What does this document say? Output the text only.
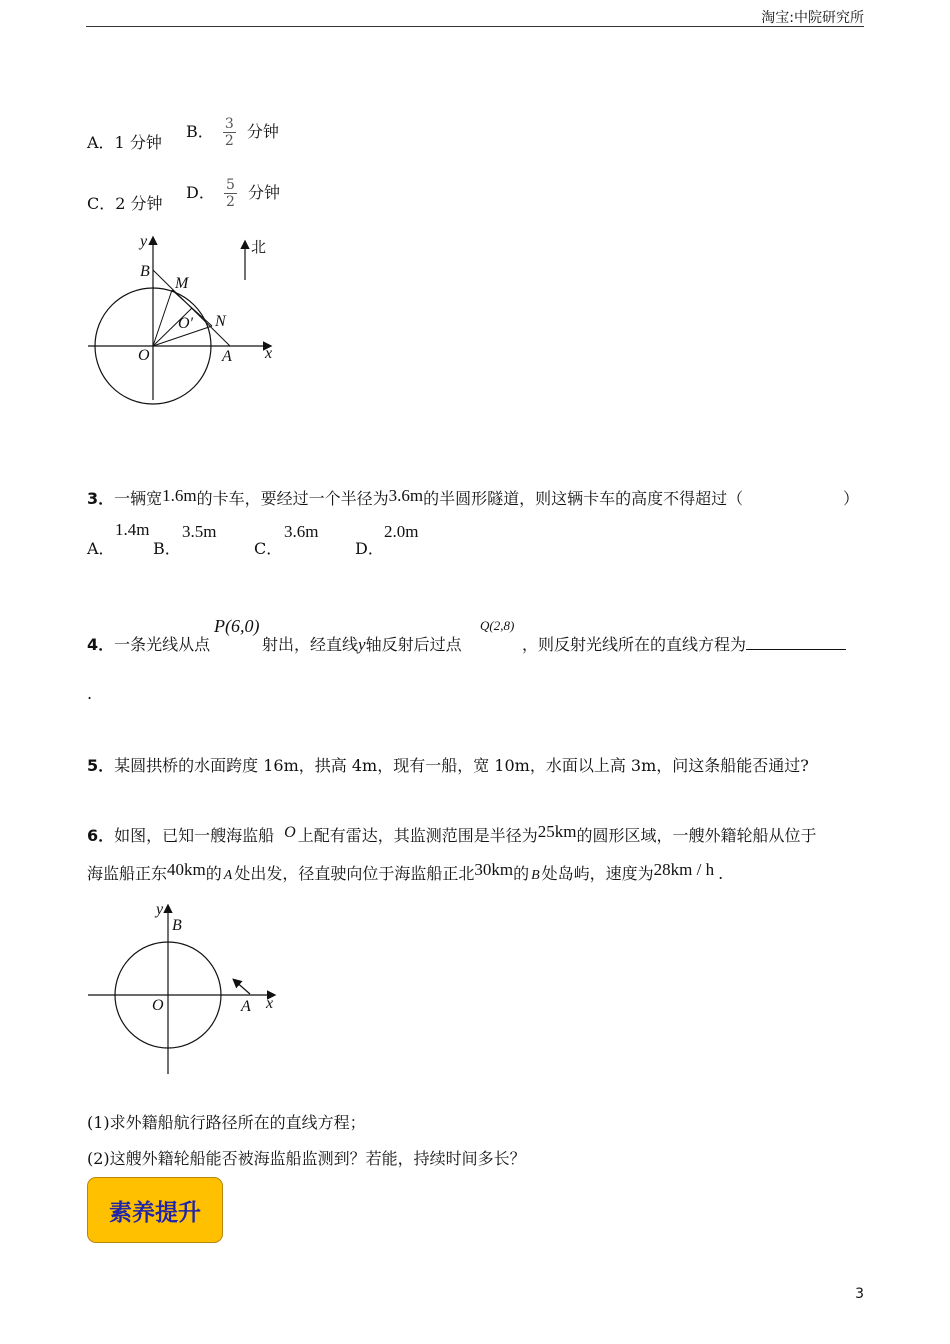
淘宝:中院研究所
A．1 分钟
B． $\frac{3}{2}$ 分钟
C．2 分钟
D． $\frac{5}{2}$ 分钟
y
x
北
B
M
O′ N
O	A
3．一辆宽1.6m的卡车，要经过一个半径为3.6m的半圆形隧道，则这辆卡车的高度不得超过（	）
A．
1.4m
B．
3.5m
C．
3.6m
D．
2.0m
4．一条光线从点
P(6,0)
射出，经直线y轴反射后过点
Q(2,8)
，则反射光线所在的直线方程为
.
5．某圆拱桥的水面跨度 16m，拱高 4m，现有一船，宽 10m，水面以上高 3m，问这条船能否通过?
6．如图，已知一艘海监船 O 上配有雷达，其监测范围是半径为25km的圆形区域，一艘外籍轮船从位于
海监船正东40km的 A 处出发，径直驶向位于海监船正北30km的 B 处岛屿，速度为28km / h .
y
B
x
O	A
(1)求外籍船航行路径所在的直线方程；
(2)这艘外籍轮船能否被海监船监测到？若能，持续时间多长？
素养提升
3
